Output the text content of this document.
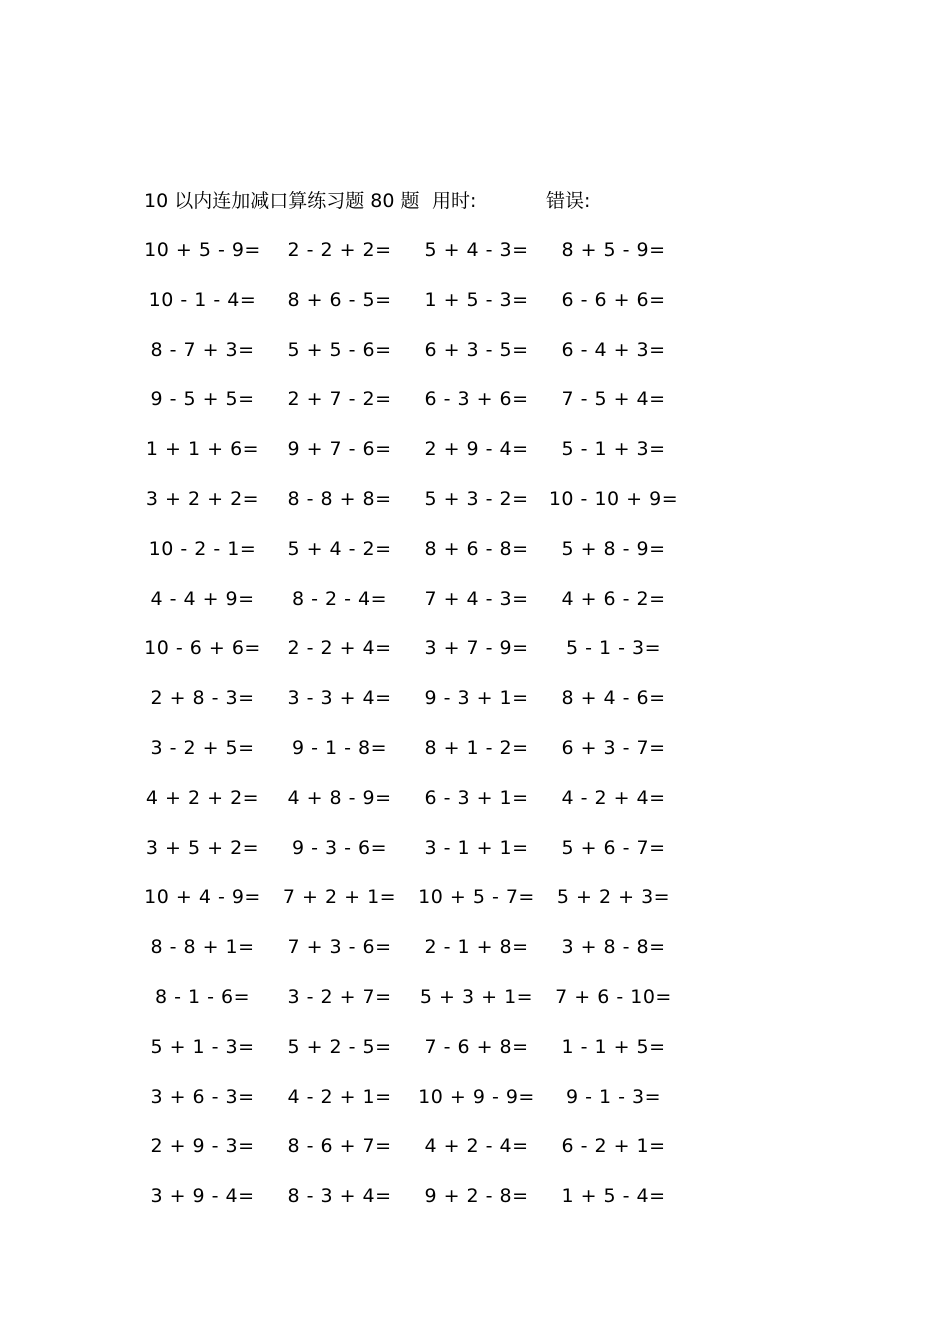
10 以内连加减口算练习题 80 题 用时:	错误:
10 + 5 - 9=	2 - 2 + 2=	5 + 4 - 3=	8 + 5 - 9=
10 - 1 - 4=	8 + 6 - 5=	1 + 5 - 3=	6 - 6 + 6=
8 - 7 + 3=	5 + 5 - 6=	6 + 3 - 5=	6 - 4 + 3=
9 - 5 + 5=	2 + 7 - 2=	6 - 3 + 6=	7 - 5 + 4=
1 + 1 + 6=	9 + 7 - 6=	2 + 9 - 4=	5 - 1 + 3=
3 + 2 + 2=	8 - 8 + 8=	5 + 3 - 2=	10 - 10 + 9=
10 - 2 - 1=	5 + 4 - 2=	8 + 6 - 8=	5 + 8 - 9=
4 - 4 + 9=	8 - 2 - 4=	7 + 4 - 3=	4 + 6 - 2=
10 - 6 + 6=	2 - 2 + 4=	3 + 7 - 9=	5 - 1 - 3=
2 + 8 - 3=	3 - 3 + 4=	9 - 3 + 1=	8 + 4 - 6=
3 - 2 + 5=	9 - 1 - 8=	8 + 1 - 2=	6 + 3 - 7=
4 + 2 + 2=	4 + 8 - 9=	6 - 3 + 1=	4 - 2 + 4=
3 + 5 + 2=	9 - 3 - 6=	3 - 1 + 1=	5 + 6 - 7=
10 + 4 - 9=	7 + 2 + 1=	10 + 5 - 7=	5 + 2 + 3=
8 - 8 + 1=	7 + 3 - 6=	2 - 1 + 8=	3 + 8 - 8=
8 - 1 - 6=	3 - 2 + 7=	5 + 3 + 1=	7 + 6 - 10=
5 + 1 - 3=	5 + 2 - 5=	7 - 6 + 8=	1 - 1 + 5=
3 + 6 - 3=	4 - 2 + 1=	10 + 9 - 9=	9 - 1 - 3=
2 + 9 - 3=	8 - 6 + 7=	4 + 2 - 4=	6 - 2 + 1=
3 + 9 - 4=	8 - 3 + 4=	9 + 2 - 8=	1 + 5 - 4=
